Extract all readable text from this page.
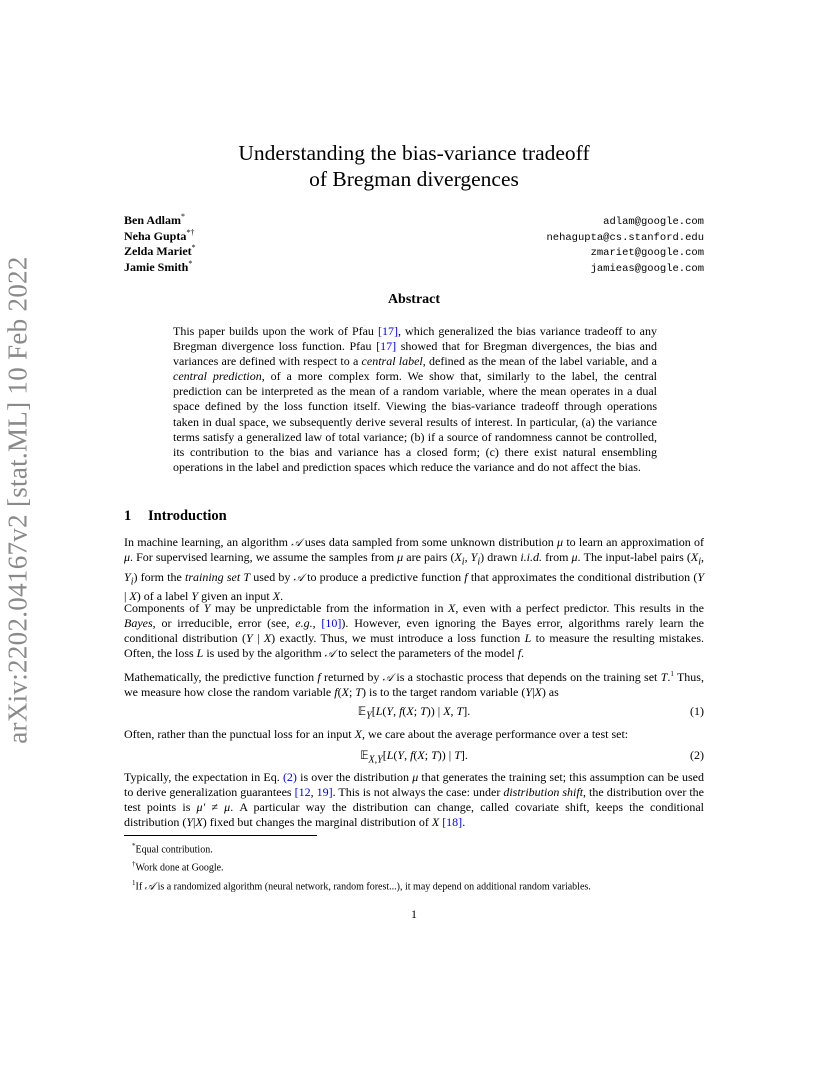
arXiv:2202.04167v2 [stat.ML] 10 Feb 2022
Understanding the bias-variance tradeoff
of Bregman divergences
Ben Adlam*	adlam@google.com
Neha Gupta*†	nehagupta@cs.stanford.edu
Zelda Mariet*	zmariet@google.com
Jamie Smith*	jamieas@google.com
Abstract
This paper builds upon the work of Pfau [17], which generalized the bias variance tradeoff to any Bregman divergence loss function. Pfau [17] showed that for Bregman divergences, the bias and variances are defined with respect to a central label, defined as the mean of the label variable, and a central prediction, of a more complex form. We show that, similarly to the label, the central prediction can be interpreted as the mean of a random variable, where the mean operates in a dual space defined by the loss function itself. Viewing the bias-variance tradeoff through operations taken in dual space, we subsequently derive several results of interest. In particular, (a) the variance terms satisfy a generalized law of total variance; (b) if a source of randomness cannot be controlled, its contribution to the bias and variance has a closed form; (c) there exist natural ensembling operations in the label and prediction spaces which reduce the variance and do not affect the bias.
1 Introduction
In machine learning, an algorithm 𝒜 uses data sampled from some unknown distribution μ to learn an approximation of μ. For supervised learning, we assume the samples from μ are pairs ($X_i$, $Y_i$) drawn i.i.d. from μ. The input-label pairs ($X_i$, $Y_i$) form the training set T used by 𝒜 to produce a predictive function f that approximates the conditional distribution (Y | X) of a label Y given an input X.
Components of Y may be unpredictable from the information in X, even with a perfect predictor. This results in the Bayes, or irreducible, error (see, e.g., [10]). However, even ignoring the Bayes error, algorithms rarely learn the conditional distribution (Y | X) exactly. Thus, we must introduce a loss function L to measure the resulting mistakes. Often, the loss L is used by the algorithm 𝒜 to select the parameters of the model f.
Mathematically, the predictive function f returned by 𝒜 is a stochastic process that depends on the training set T.$^1$ Thus, we measure how close the random variable f(X; T) is to the target random variable (Y|X) as
𝔼$_Y$[L(Y, f(X; T)) | X, T].	(1)
Often, rather than the punctual loss for an input X, we care about the average performance over a test set:
𝔼$_{X,Y}$[L(Y, f(X; T)) | T].	(2)
Typically, the expectation in Eq. (2) is over the distribution μ that generates the training set; this assumption can be used to derive generalization guarantees [12, 19]. This is not always the case: under distribution shift, the distribution over the test points is μ′ ≠ μ. A particular way the distribution can change, called covariate shift, keeps the conditional distribution (Y|X) fixed but changes the marginal distribution of X [18].
*Equal contribution.
†Work done at Google.
$^1$If 𝒜 is a randomized algorithm (neural network, random forest...), it may depend on additional random variables.
1
